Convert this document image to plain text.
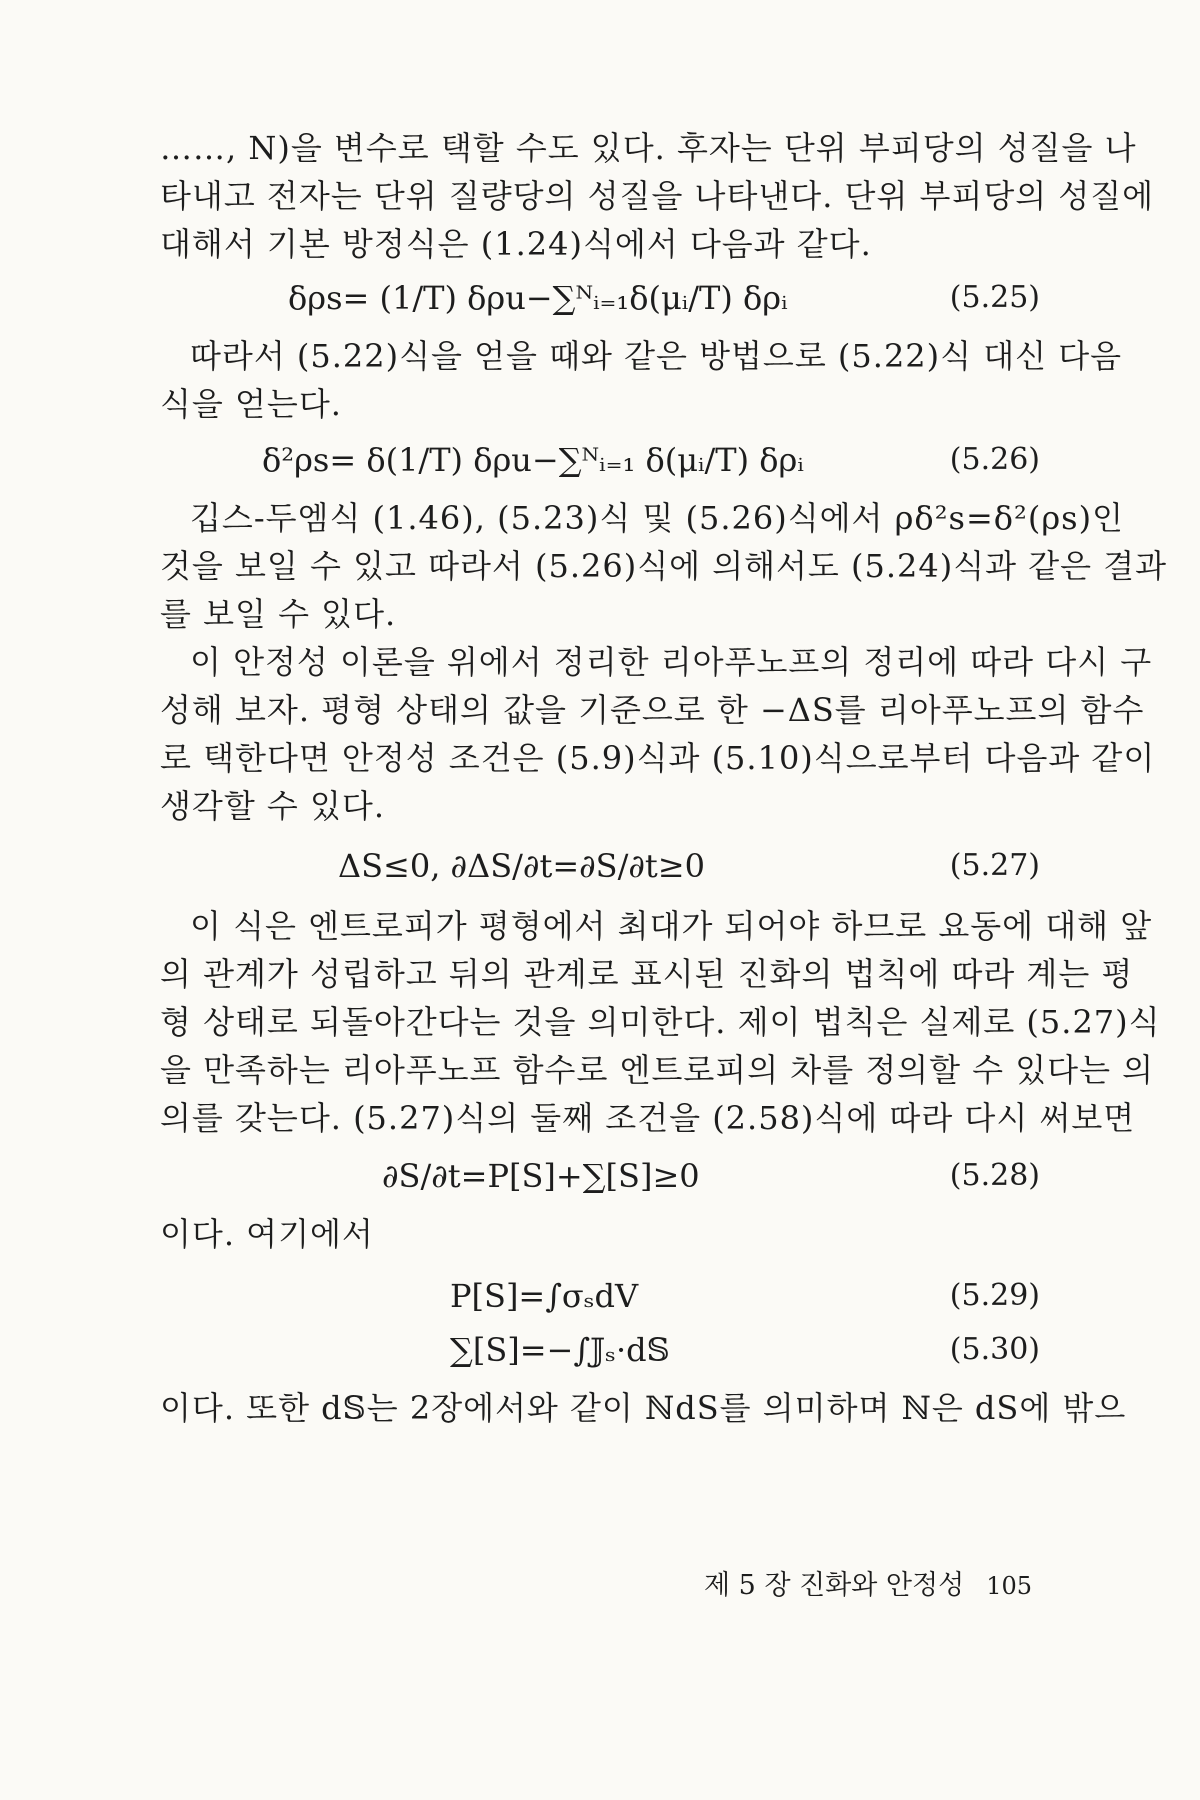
……, N)을 변수로 택할 수도 있다. 후자는 단위 부피당의 성질을 나
타내고 전자는 단위 질량당의 성질을 나타낸다. 단위 부피당의 성질에
대해서 기본 방정식은 (1.24)식에서 다음과 같다.
δρs= (1/T) δρu−∑ᴺᵢ₌₁δ(μᵢ/T) δρᵢ	(5.25)
따라서 (5.22)식을 얻을 때와 같은 방법으로 (5.22)식 대신 다음
식을 얻는다.
δ²ρs= δ(1/T) δρu−∑ᴺᵢ₌₁ δ(μᵢ/T) δρᵢ	(5.26)
깁스-두엠식 (1.46), (5.23)식 및 (5.26)식에서 ρδ²s=δ²(ρs)인
것을 보일 수 있고 따라서 (5.26)식에 의해서도 (5.24)식과 같은 결과
를 보일 수 있다.
이 안정성 이론을 위에서 정리한 리아푸노프의 정리에 따라 다시 구
성해 보자. 평형 상태의 값을 기준으로 한 −ΔS를 리아푸노프의 함수
로 택한다면 안정성 조건은 (5.9)식과 (5.10)식으로부터 다음과 같이
생각할 수 있다.
ΔS≤0, ∂ΔS/∂t=∂S/∂t≥0	(5.27)
이 식은 엔트로피가 평형에서 최대가 되어야 하므로 요동에 대해 앞
의 관계가 성립하고 뒤의 관계로 표시된 진화의 법칙에 따라 계는 평
형 상태로 되돌아간다는 것을 의미한다. 제이 법칙은 실제로 (5.27)식
을 만족하는 리아푸노프 함수로 엔트로피의 차를 정의할 수 있다는 의
의를 갖는다. (5.27)식의 둘째 조건을 (2.58)식에 따라 다시 써보면
∂S/∂t=P[S]+∑[S]≥0	(5.28)
이다. 여기에서
P[S]=∫σₛdV	(5.29)
∑[S]=−∫𝕁ₛ·d𝕊	(5.30)
이다. 또한 d𝕊는 2장에서와 같이 ℕdS를 의미하며 ℕ은 dS에 밖으
제 5 장 진화와 안정성 105
